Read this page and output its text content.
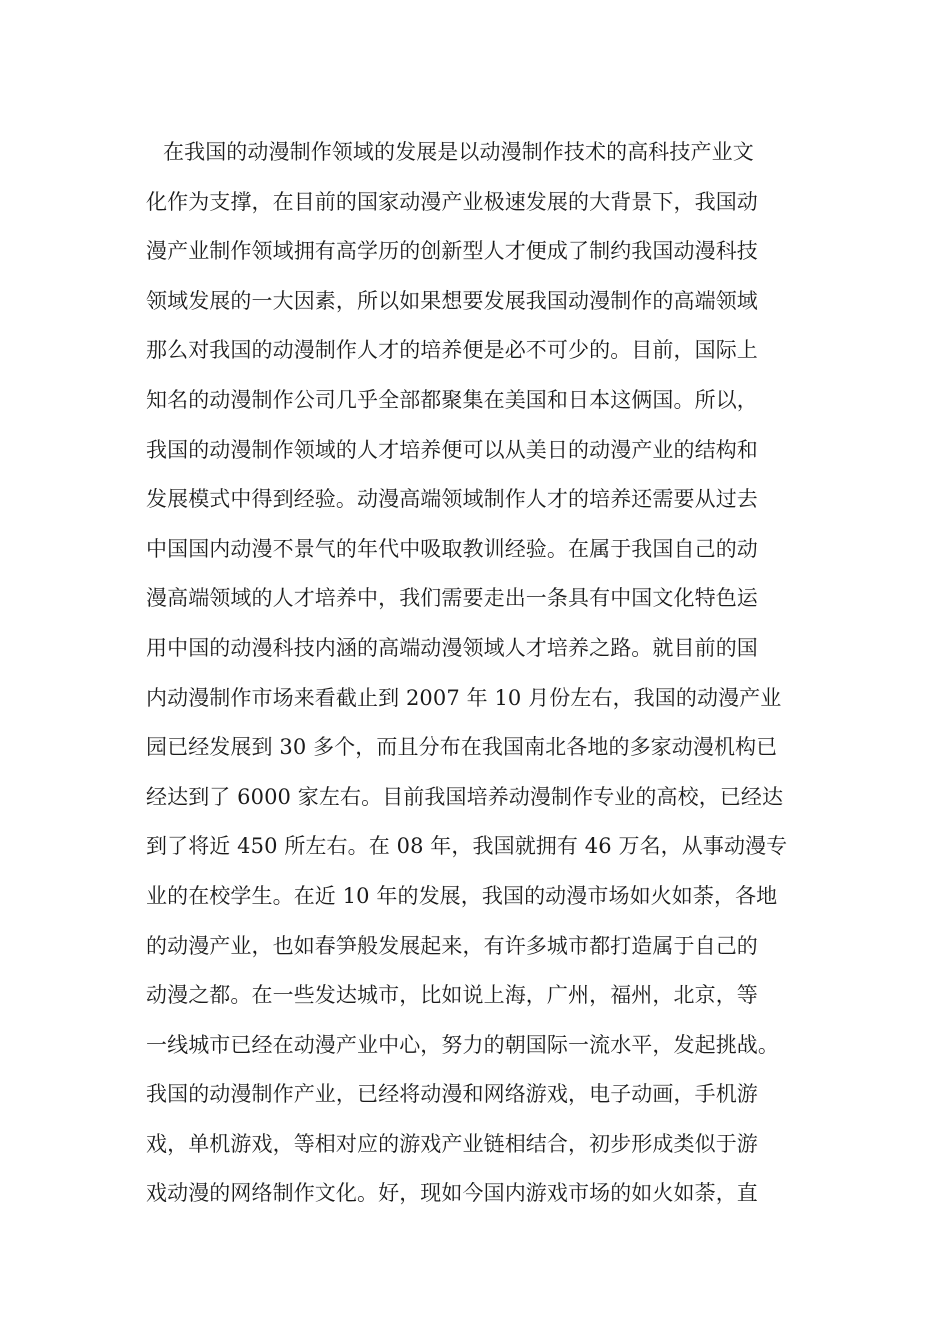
在我国的动漫制作领域的发展是以动漫制作技术的高科技产业文
化作为支撑，在目前的国家动漫产业极速发展的大背景下，我国动
漫产业制作领域拥有高学历的创新型人才便成了制约我国动漫科技
领域发展的一大因素，所以如果想要发展我国动漫制作的高端领域
那么对我国的动漫制作人才的培养便是必不可少的。目前，国际上
知名的动漫制作公司几乎全部都聚集在美国和日本这俩国。所以，
我国的动漫制作领域的人才培养便可以从美日的动漫产业的结构和
发展模式中得到经验。动漫高端领域制作人才的培养还需要从过去
中国国内动漫不景气的年代中吸取教训经验。在属于我国自己的动
漫高端领域的人才培养中，我们需要走出一条具有中国文化特色运
用中国的动漫科技内涵的高端动漫领域人才培养之路。就目前的国
内动漫制作市场来看截止到 2007 年 10 月份左右，我国的动漫产业
园已经发展到 30 多个，而且分布在我国南北各地的多家动漫机构已
经达到了 6000 家左右。目前我国培养动漫制作专业的高校，已经达
到了将近 450 所左右。在 08 年，我国就拥有 46 万名，从事动漫专
业的在校学生。在近 10 年的发展，我国的动漫市场如火如荼，各地
的动漫产业，也如春笋般发展起来，有许多城市都打造属于自己的
动漫之都。在一些发达城市，比如说上海，广州，福州，北京，等
一线城市已经在动漫产业中心，努力的朝国际一流水平，发起挑战。
我国的动漫制作产业，已经将动漫和网络游戏，电子动画，手机游
戏，单机游戏，等相对应的游戏产业链相结合，初步形成类似于游
戏动漫的网络制作文化。好，现如今国内游戏市场的如火如荼，直
